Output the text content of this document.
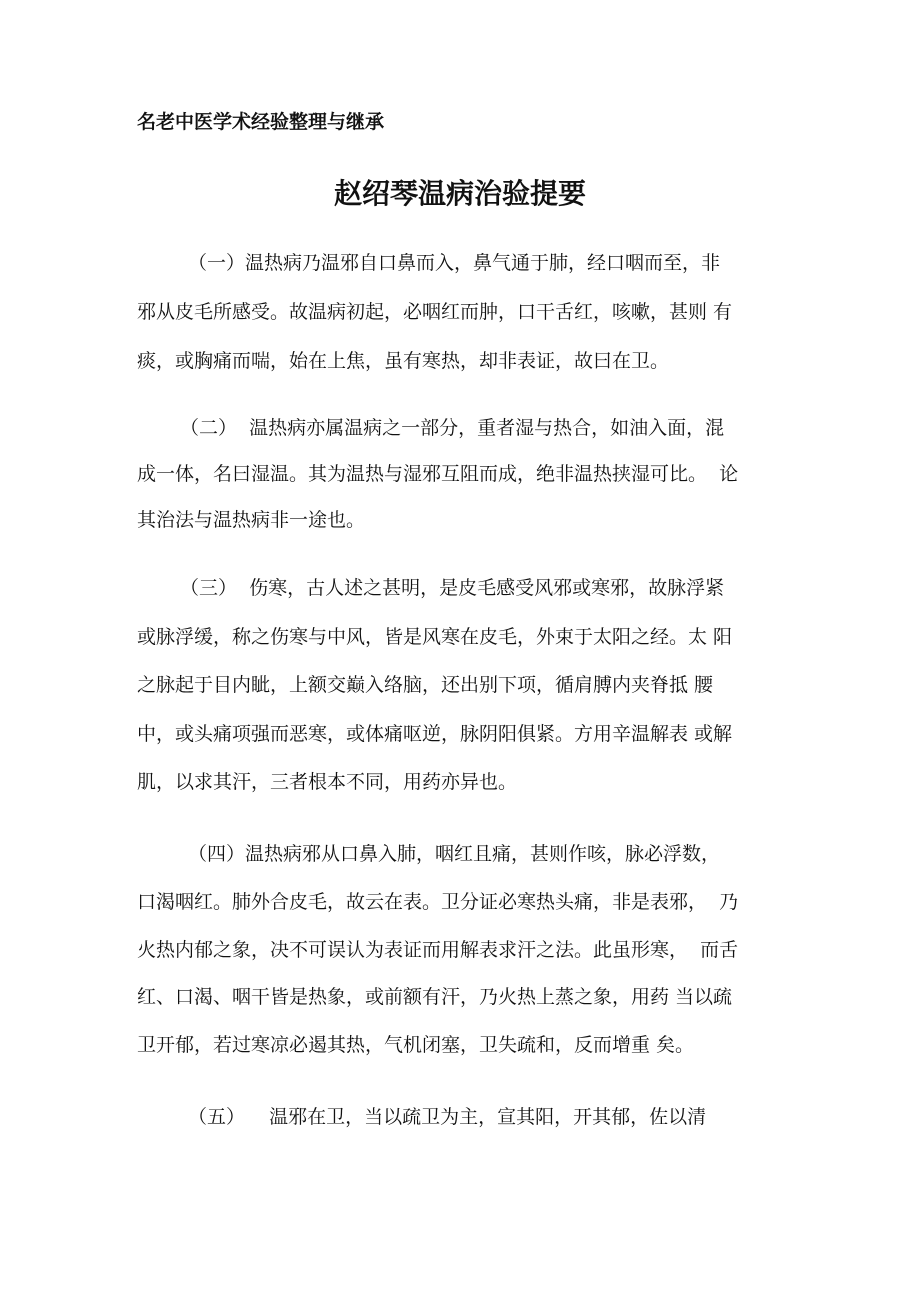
名老中医学术经验整理与继承
赵绍琴温病治验提要
（一）温热病乃温邪自口鼻而入，鼻气通于肺，经口咽而至，非
邪从皮毛所感受。故温病初起，必咽红而肿，口干舌红，咳嗽，甚则 有
痰，或胸痛而喘，始在上焦，虽有寒热，却非表证，故曰在卫。
（二）  温热病亦属温病之一部分，重者湿与热合，如油入面，混
成一体，名曰湿温。其为温热与湿邪互阻而成，绝非温热挟湿可比。  论
其治法与温热病非一途也。
（三）  伤寒，古人述之甚明，是皮毛感受风邪或寒邪，故脉浮紧
或脉浮缓，称之伤寒与中风，皆是风寒在皮毛，外束于太阳之经。太 阳
之脉起于目内眦，上额交巅入络脑，还出别下项，循肩膊内夹脊抵 腰
中，或头痛项强而恶寒，或体痛呕逆，脉阴阳俱紧。方用辛温解表 或解
肌，以求其汗，三者根本不同，用药亦异也。
（四）温热病邪从口鼻入肺，咽红且痛，甚则作咳，脉必浮数，
口渴咽红。肺外合皮毛，故云在表。卫分证必寒热头痛，非是表邪，  乃
火热内郁之象，决不可误认为表证而用解表求汗之法。此虽形寒，  而舌
红、口渴、咽干皆是热象，或前额有汗，乃火热上蒸之象，用药 当以疏
卫开郁，若过寒凉必遏其热，气机闭塞，卫失疏和，反而增重 矣。
（五）    温邪在卫，当以疏卫为主，宣其阳，开其郁，佐以清
